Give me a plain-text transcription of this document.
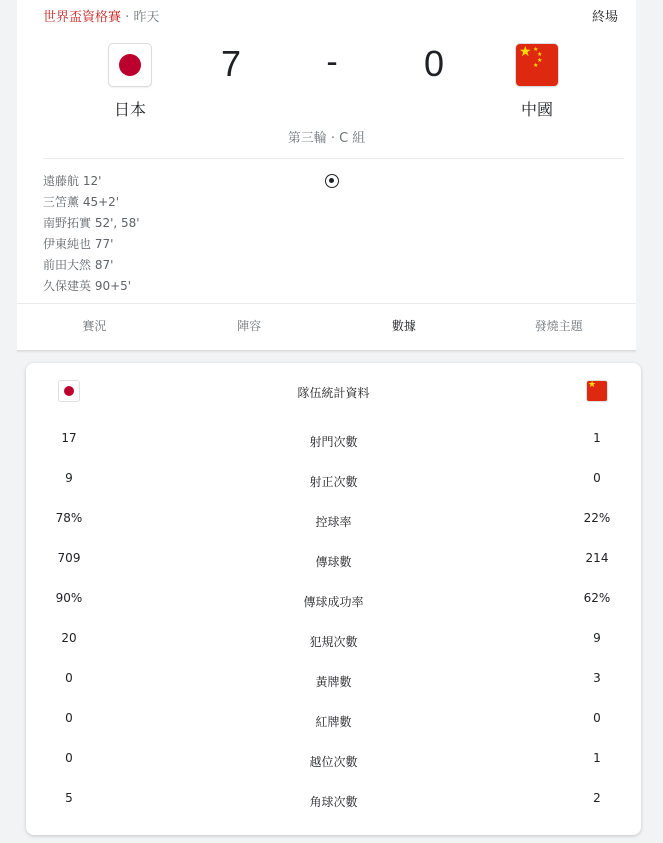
世界盃資格賽 · 昨天	終場
★ ★
★
★
★
日本	中國
7	-	0
第三輪 · C 組
遠藤航 12'
三笘薰 45+2'
南野拓實 52', 58'
伊東純也 77'
前田大然 87'
久保建英 90+5'
賽況	陣容	數據	發燒主題
隊伍統計資料
★
17	射門次數	1
9	射正次數	0
78%	控球率	22%
709	傳球數	214
90%	傳球成功率	62%
20	犯規次數	9
0	黃牌數	3
0	紅牌數	0
0	越位次數	1
5	角球次數	2
